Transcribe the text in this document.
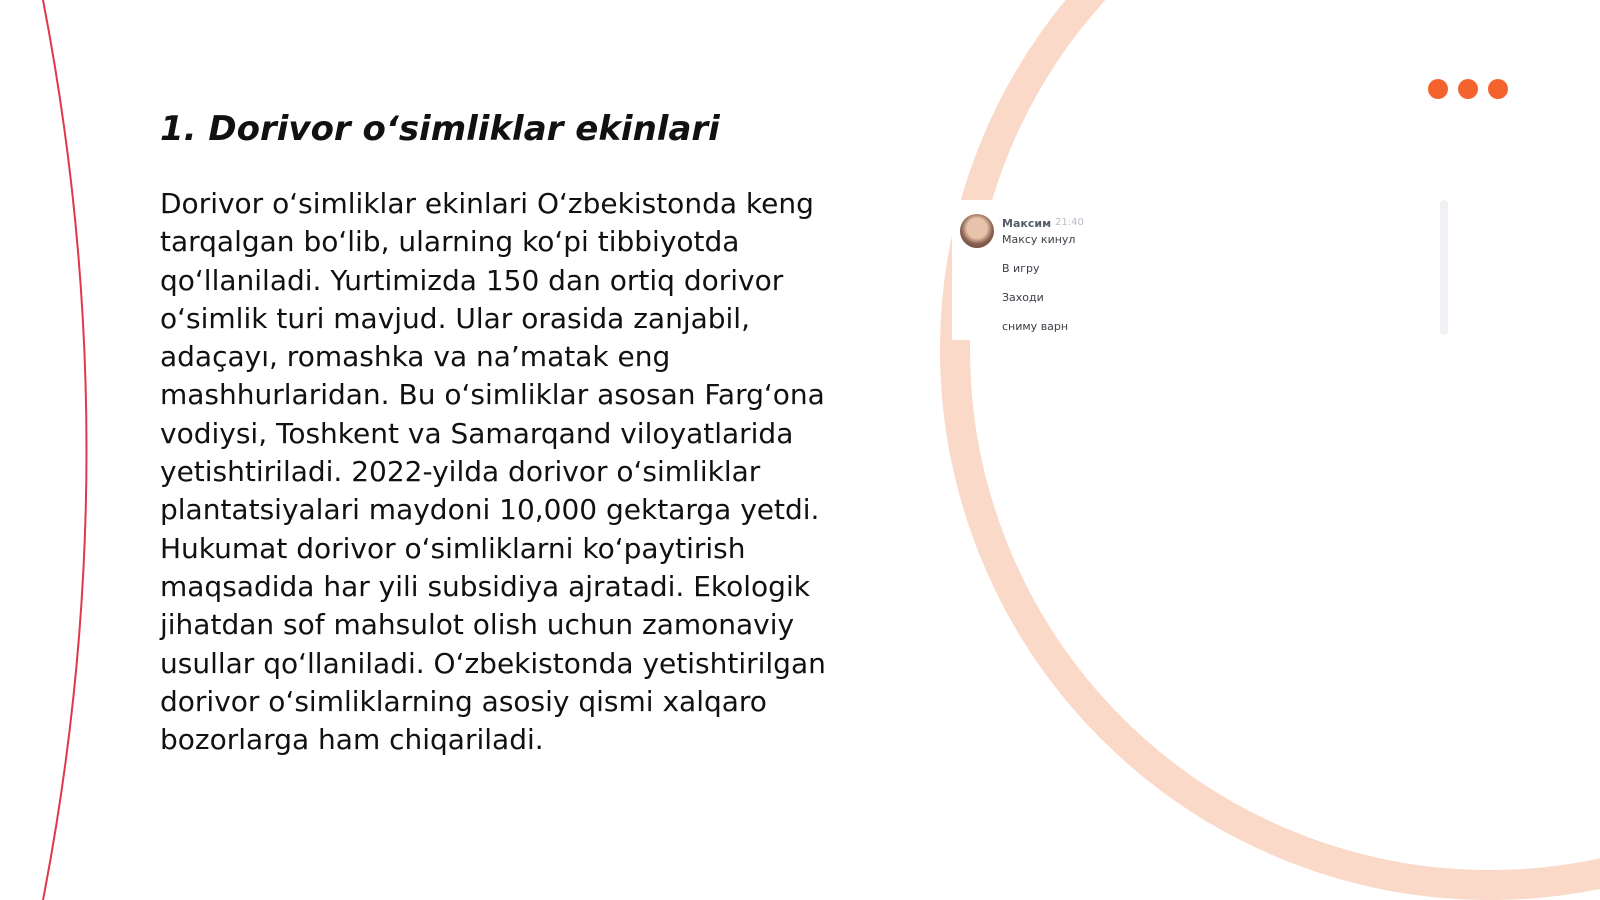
1. Dorivor o‘simliklar ekinlari

Dorivor o‘simliklar ekinlari O‘zbekistonda keng tarqalgan bo‘lib, ularning ko‘pi tibbiyotda qo‘llaniladi. Yurtimizda 150 dan ortiq dorivor o‘simlik turi mavjud. Ular orasida zanjabil, adaçayı, romashka va na’matak eng mashhurlaridan. Bu o‘simliklar asosan Farg‘ona vodiysi, Toshkent va Samarqand viloyatlarida yetishtiriladi. 2022-yilda dorivor o‘simliklar plantatsiyalari maydoni 10,000 gektarga yetdi. Hukumat dorivor o‘simliklarni ko‘paytirish maqsadida har yili subsidiya ajratadi. Ekologik jihatdan sof mahsulot olish uchun zamonaviy usullar qo‘llaniladi. O‘zbekistonda yetishtirilgan dorivor o‘simliklarning asosiy qismi xalqaro bozorlarga ham chiqariladi.

Максим 21:40
Максу кинул
В игру
Заходи
сниму варн
